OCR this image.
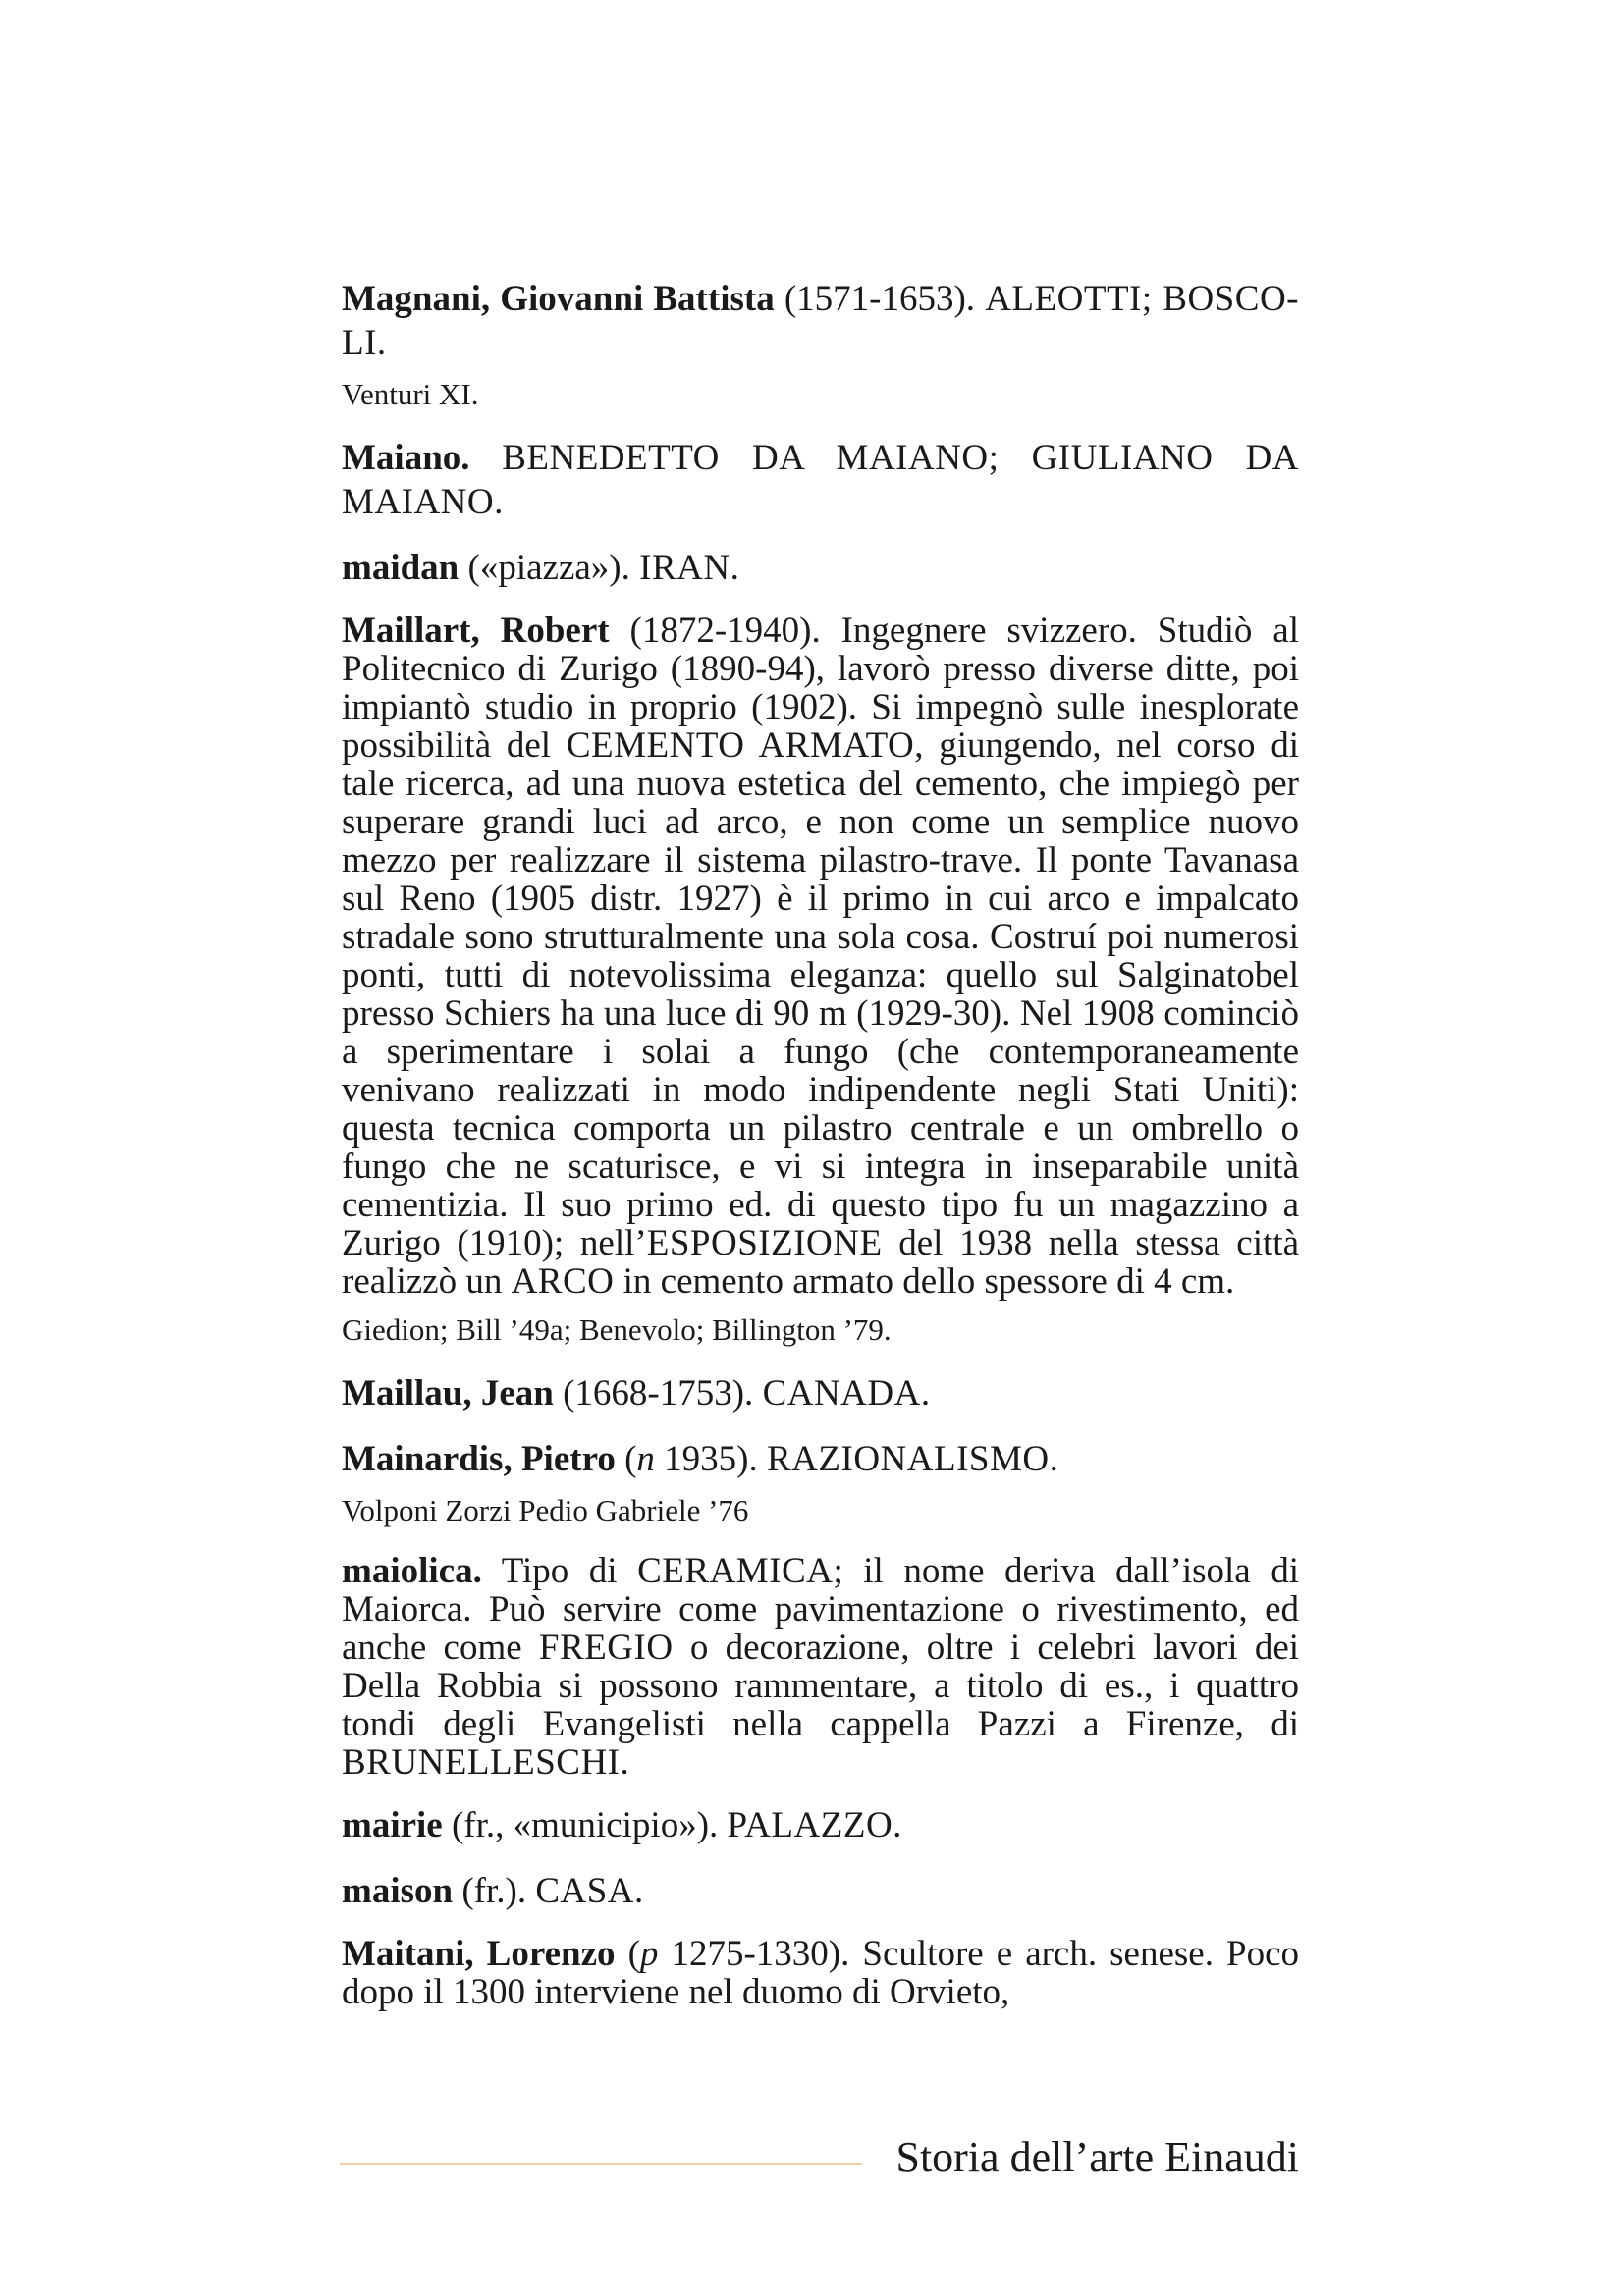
Magnani, Giovanni Battista (1571-1653). ALEOTTI; BOSCO-LI.
Venturi XI.
Maiano. BENEDETTO DA MAIANO; GIULIANO DA MAIANO.
maidan («piazza»). IRAN.
Maillart, Robert (1872-1940). Ingegnere svizzero. Studiò al Politecnico di Zurigo (1890-94), lavorò presso diverse ditte, poi impiantò studio in proprio (1902). Si impegnò sulle inesplorate possibilità del CEMENTO ARMATO, giungendo, nel corso di tale ricerca, ad una nuova estetica del cemento, che impiegò per superare grandi luci ad arco, e non come un semplice nuovo mezzo per realizzare il sistema pilastro-trave. Il ponte Tavanasa sul Reno (1905 distr. 1927) è il primo in cui arco e impalcato stradale sono strutturalmente una sola cosa. Costruí poi numerosi ponti, tutti di notevolissima eleganza: quello sul Salginatobel presso Schiers ha una luce di 90 m (1929-30). Nel 1908 cominciò a sperimentare i solai a fungo (che contemporaneamente venivano realizzati in modo indipendente negli Stati Uniti): questa tecnica comporta un pilastro centrale e un ombrello o fungo che ne scaturisce, e vi si integra in inseparabile unità cementizia. Il suo primo ed. di questo tipo fu un magazzino a Zurigo (1910); nell’ESPOSIZIONE del 1938 nella stessa città realizzò un ARCO in cemento armato dello spessore di 4 cm.
Giedion; Bill ’49a; Benevolo; Billington ’79.
Maillau, Jean (1668-1753). CANADA.
Mainardis, Pietro (n 1935). RAZIONALISMO.
Volponi Zorzi Pedio Gabriele ’76
maiolica. Tipo di CERAMICA; il nome deriva dall’isola di Maiorca. Può servire come pavimentazione o rivestimento, ed anche come FREGIO o decorazione, oltre i celebri lavori dei Della Robbia si possono rammentare, a titolo di es., i quattro tondi degli Evangelisti nella cappella Pazzi a Firenze, di BRUNELLESCHI.
mairie (fr., «municipio»). PALAZZO.
maison (fr.). CASA.
Maitani, Lorenzo (p 1275-1330). Scultore e arch. senese. Poco dopo il 1300 interviene nel duomo di Orvieto,
Storia dell’arte Einaudi
